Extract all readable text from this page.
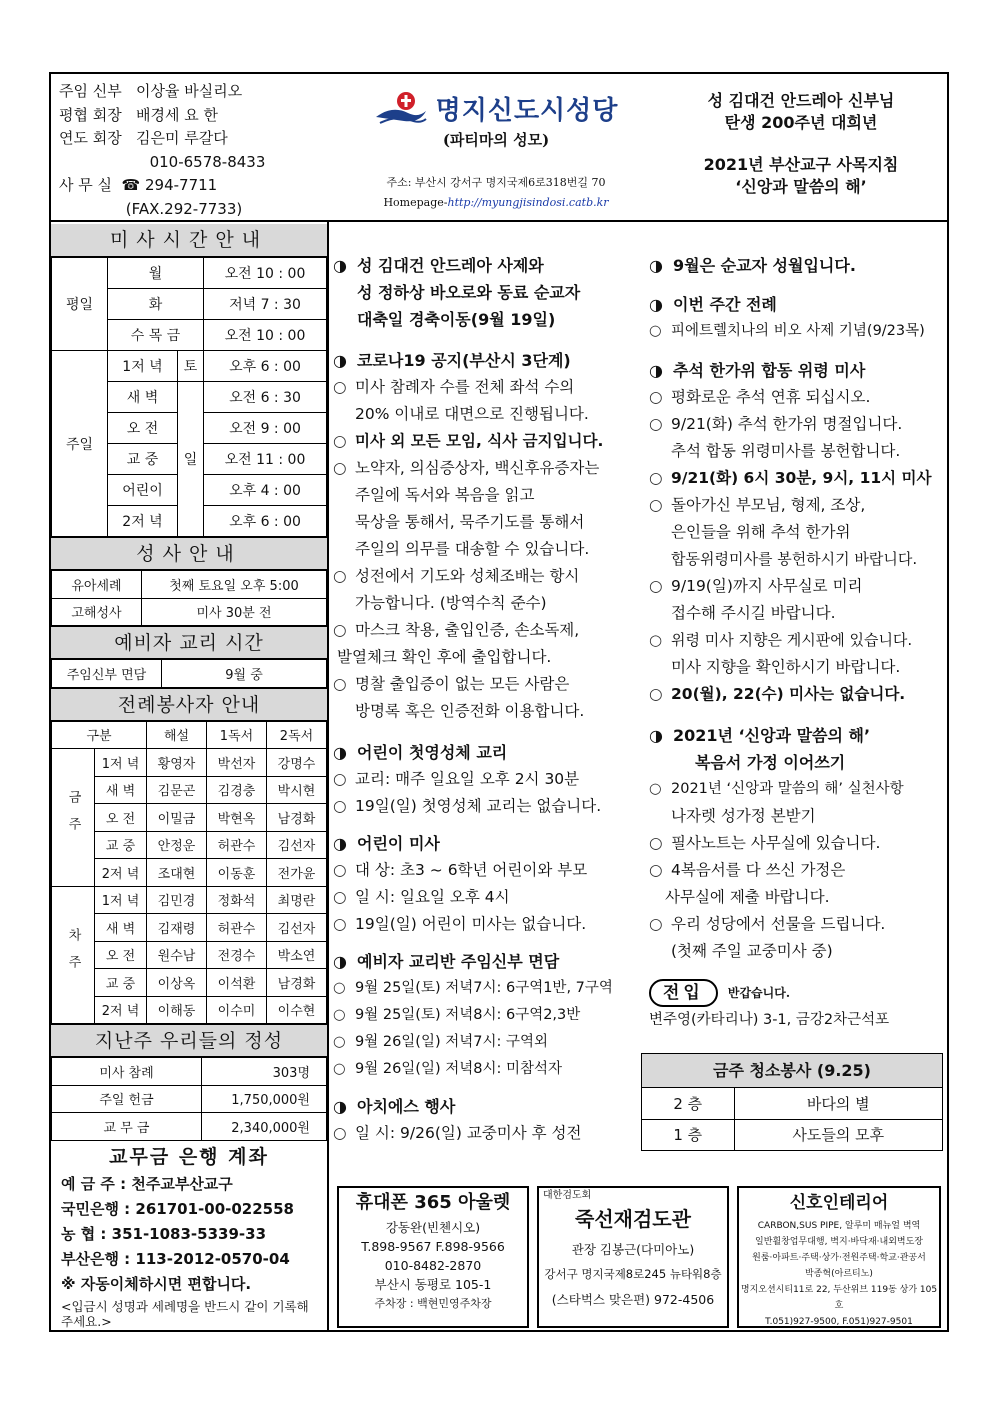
주임 신부   이상율 바실리오
평협 회장   배경세 요 한
연도 회장   김은미 루갈다
010-6578-8433
사 무 실  ☎ 294-7711
(FAX.292-7733)
명지신도시성당
(파티마의 성모)
주소: 부산시 강서구 명지국제6로318번길 70
Homepage-http://myungjisindosi.catb.kr
성 김대건 안드레아 신부님
탄생 200주년 대희년
2021년 부산교구 사목지침
‘신앙과 말씀의 해’
미사시간안내
평일	월		오전 10 : 00
	화		저녁 7 : 30
	수 목 금		오전 10 : 00
주일	1저 녁	토	오후 6 : 00
	새 벽	일	오전 6 : 30
	오 전		오전 9 : 00
	교 중		오전 11 : 00
	어린이		오후 4 : 00
	2저 녁		오후 6 : 00
성사안내
유아세례	첫째 토요일 오후 5:00
고해성사	미사 30분 전
예비자 교리 시간
주임신부 면담	9월 중
전례봉사자 안내
구분		해설	1독서	2독서
금주	1저 녁	황영자	박선자	강명수
	새 벽	김문곤	김경충	박시현
	오 전	이밀금	박현옥	남경화
	교 중	안정운	허관수	김선자
	2저 녁	조대현	이동훈	전가윤
차주	1저 녁	김민경	정화석	최명란
	새 벽	김재령	허관수	김선자
	오 전	원수남	전경수	박소연
	교 중	이상옥	이석환	남경화
	2저 녁	이해동	이수미	이수현
지난주 우리들의 정성
미사 참례	303명
주일 헌금	1,750,000원
교 무 금	2,340,000원
교무금 은행 계좌
예 금 주 : 천주교부산교구
국민은행 : 261701-00-022558
농 협 : 351-1083-5339-33
부산은행 : 113-2012-0570-04
※ 자동이체하시면 편합니다.
<입금시 성명과 세례명을 반드시 같이 기록해 주세요.>
◑ 성 김대건 안드레아 사제와
성 정하상 바오로와 동료 순교자
대축일 경축이동(9월 19일)
◑ 코로나19 공지(부산시 3단계)
○ 미사 참례자 수를 전체 좌석 수의
20% 이내로 대면으로 진행됩니다.
○ 미사 외 모든 모임, 식사 금지입니다.
○ 노약자, 의심증상자, 백신후유증자는
주일에 독서와 복음을 읽고
묵상을 통해서, 묵주기도를 통해서
주일의 의무를 대송할 수 있습니다.
○ 성전에서 기도와 성체조배는 항시
가능합니다. (방역수칙 준수)
○ 마스크 착용, 출입인증, 손소독제,
발열체크 확인 후에 출입합니다.
○ 명찰 출입증이 없는 모든 사람은
방명록 혹은 인증전화 이용합니다.
◑ 어린이 첫영성체 교리
○ 교리: 매주 일요일 오후 2시 30분
○ 19일(일) 첫영성체 교리는 없습니다.
◑ 어린이 미사
○ 대 상: 초3 ~ 6학년 어린이와 부모
○ 일 시: 일요일 오후 4시
○ 19일(일) 어린이 미사는 없습니다.
◑ 예비자 교리반 주임신부 면담
○ 9월 25일(토) 저녁7시: 6구역1반, 7구역
○ 9월 25일(토) 저녁8시: 6구역2,3반
○ 9월 26일(일) 저녁7시: 구역외
○ 9월 26일(일) 저녁8시: 미참석자
◑ 아치에스 행사
○ 일 시: 9/26(일) 교중미사 후 성전
◑ 9월은 순교자 성월입니다.
◑ 이번 주간 전례
○ 피에트렐치나의 비오 사제 기념(9/23목)
◑ 추석 한가위 합동 위령 미사
○ 평화로운 추석 연휴 되십시오.
○ 9/21(화) 추석 한가위 명절입니다.
추석 합동 위령미사를 봉헌합니다.
○ 9/21(화) 6시 30분, 9시, 11시 미사
○ 돌아가신 부모님, 형제, 조상,
은인들을 위해 추석 한가위
합동위령미사를 봉헌하시기 바랍니다.
○ 9/19(일)까지 사무실로 미리
접수해 주시길 바랍니다.
○ 위령 미사 지향은 게시판에 있습니다.
미사 지향을 확인하시기 바랍니다.
○ 20(월), 22(수) 미사는 없습니다.
◑ 2021년 ‘신앙과 말씀의 해’
복음서 가정 이어쓰기
○ 2021년 ‘신앙과 말씀의 해’ 실천사항
나자렛 성가정 본받기
○ 필사노트는 사무실에 있습니다.
○ 4복음서를 다 쓰신 가정은
사무실에 제출 바랍니다.
○ 우리 성당에서 선물을 드립니다.
(첫째 주일 교중미사 중)
전입	반갑습니다.
변주영(카타리나) 3-1, 금강2차근석포
금주 청소봉사 (9.25)
2 층	바다의 별
1 층	사도들의 모후
휴대폰 365 아울렛
강동완(빈첸시오)
T.898-9567 F.898-9566
010-8482-2870
부산시 동평로 105-1
주차장 : 백현민영주차장
대한검도회
죽선재검도관
관장 김봉근(다미아노)
강서구 명지국제8로245 뉴타워8층
(스타벅스 맞은편) 972-4506
신호인테리어
CARBON,SUS PIPE, 알루미 매뉴얼 벽역
일반휠창업무대행, 벽지·바닥재·내외벽도장
원룸·아파트·주택·상가·전원주택·학교·관공서
박종혁(아르티노)
명지오션시티11로 22, 두산위브 119동 상가 105호
T.051)927-9500, F.051)927-9501
